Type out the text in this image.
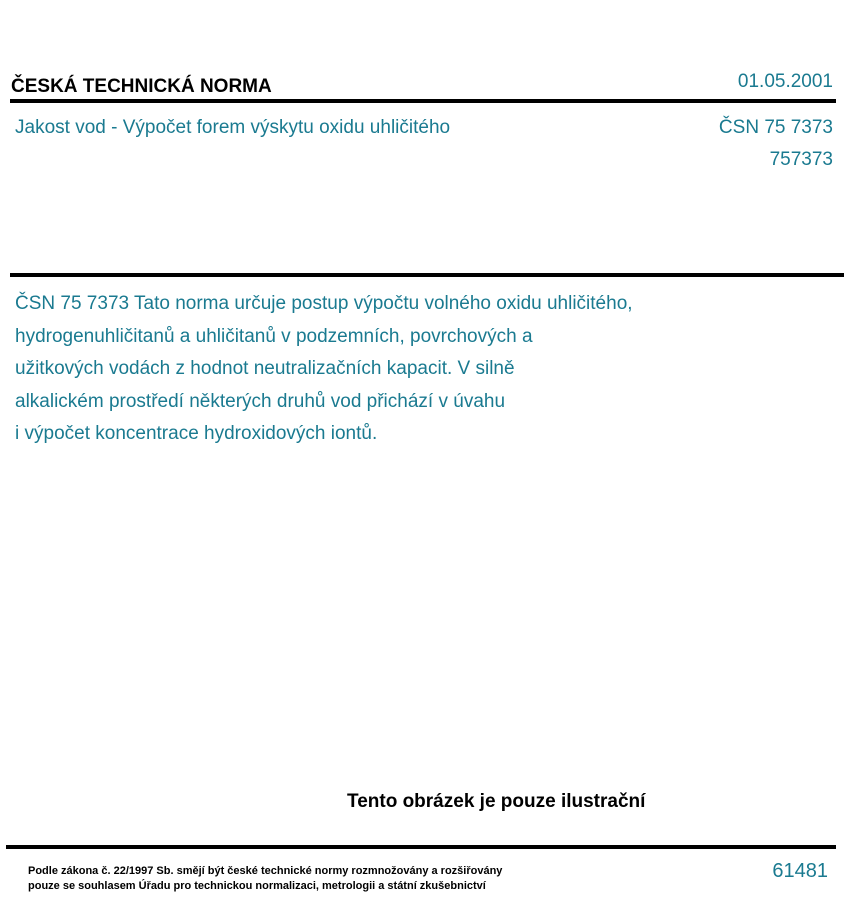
ČESKÁ TECHNICKÁ NORMA	01.05.2001
Jakost vod - Výpočet forem výskytu oxidu uhličitého	ČSN 75 7373
757373
ČSN 75 7373 Tato norma určuje postup výpočtu volného oxidu uhličitého,
hydrogenuhličitanů a uhličitanů v podzemních, povrchových a
užitkových vodách z hodnot neutralizačních kapacit. V silně
alkalickém prostředí některých druhů vod přichází v úvahu
i výpočet koncentrace hydroxidových iontů.
Tento obrázek je pouze ilustrační
Podle zákona č. 22/1997 Sb. smějí být české technické normy rozmnožovány a rozšiřovány
pouze se souhlasem Úřadu pro technickou normalizaci, metrologii a státní zkušebnictví
61481
